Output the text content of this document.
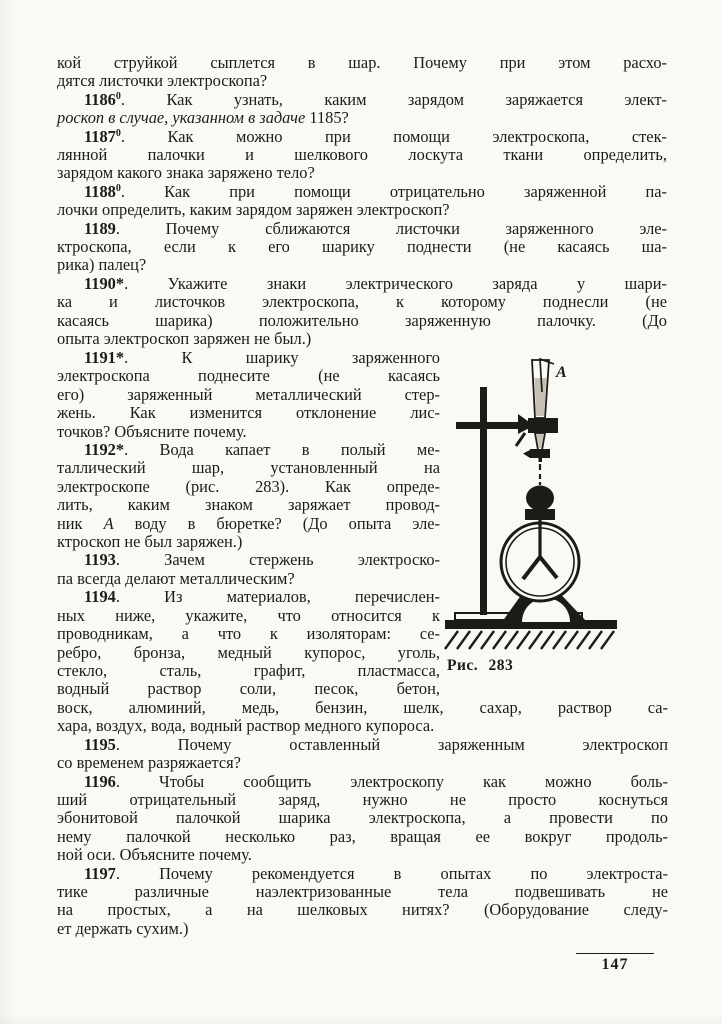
кой струйкой сыплется в шар. Почему при этом расхо-
дятся листочки электроскопа?
1186$^0$. Как узнать, каким зарядом заряжается элект-
роскоп в случае, указанном в задаче 1185?
1187$^0$. Как можно при помощи электроскопа, стек-
лянной палочки и шелкового лоскута ткани определить,
зарядом какого знака заряжено тело?
1188$^0$. Как при помощи отрицательно заряженной па-
лочки определить, каким зарядом заряжен электроскоп?
1189. Почему сближаются листочки заряженного эле-
ктроскопа, если к его шарику поднести (не касаясь ша-
рика) палец?
1190*. Укажите знаки электрического заряда у шари-
ка и листочков электроскопа, к которому поднесли (не
касаясь шарика) положительно заряженную палочку. (До
опыта электроскоп заряжен не был.)
1191*. К шарику заряженного
электроскопа поднесите (не касаясь
его) заряженный металлический стер-
жень. Как изменится отклонение лис-
точков? Объясните почему.
1192*. Вода капает в полый ме-
таллический шар, установленный на
электроскопе (рис. 283). Как опреде-
лить, каким знаком заряжает провод-
ник А воду в бюретке? (До опыта эле-
ктроскоп не был заряжен.)
1193. Зачем стержень электроско-
па всегда делают металлическим?
1194. Из материалов, перечислен-
ных ниже, укажите, что относится к
проводникам, а что к изоляторам: се-
ребро, бронза, медный купорос, уголь,
стекло, сталь, графит, пластмасса,
водный раствор соли, песок, бетон,
воск, алюминий, медь, бензин, шелк, сахар, раствор са-
хара, воздух, вода, водный раствор медного купороса.
1195. Почему оставленный заряженным электроскоп
со временем разряжается?
1196. Чтобы сообщить электроскопу как можно боль-
ший отрицательный заряд, нужно не просто коснуться
эбонитовой палочкой шарика электроскопа, а провести по
нему палочкой несколько раз, вращая ее вокруг продоль-
ной оси. Объясните почему.
1197. Почему рекомендуется в опытах по электроста-
тике различные наэлектризованные тела подвешивать не
на простых, а на шелковых нитях? (Оборудование следу-
ет держать сухим.)
A
Рис. 283
147
